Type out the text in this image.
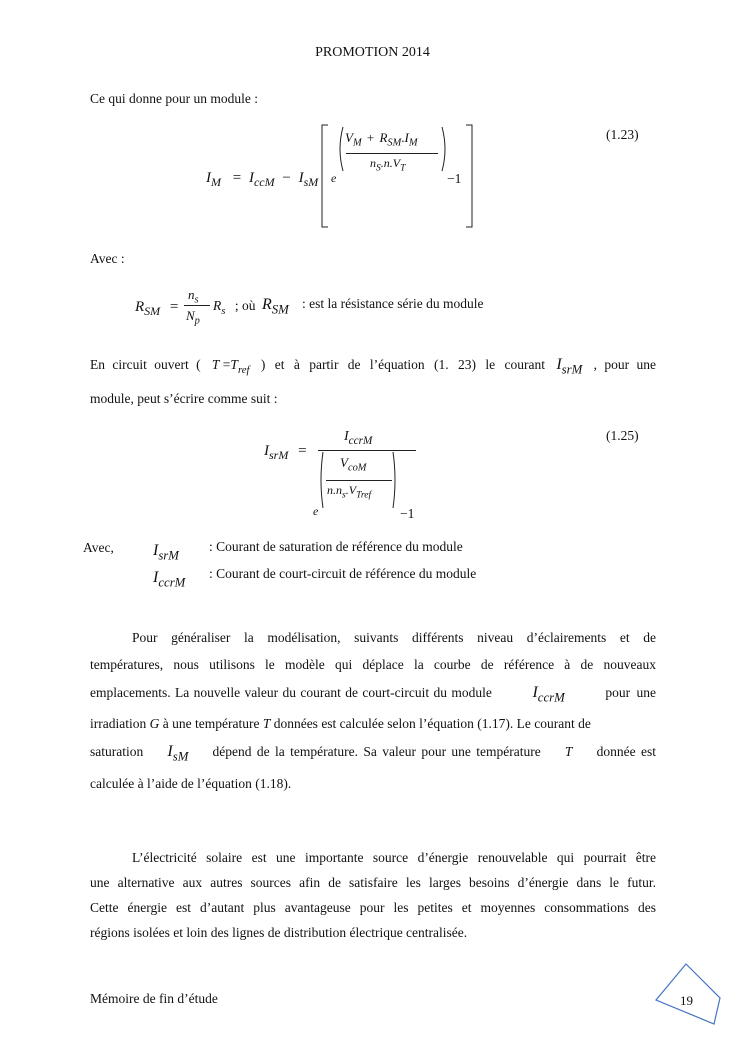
PROMOTION 2014
Ce qui donne pour un module :
(1.23)
$I_M = I_{ccM} - I_{sM}$ e
$V_M + R_{SM}.I_M$
$n_S.n.V_T$
−1
Avec :
$R_{SM}$ =
$n_s$
$N_p$
$R_s$ ; où $R_{SM}$ : est la résistance série du module
En circuit ouvert ( $T =T_{ref}$ ) et à partir de l’équation (1. 23) le courant $I_{srM}$ , pour une
module, peut s’écrire comme suit :
(1.25)
$I_{srM}$ =
$I_{ccrM}$
$V_{coM}$
$n.n_s.V_{Tref}$
e	−1
Avec, $I_{srM}$
: Courant de saturation de référence du module
$I_{ccrM}$
: Courant de court-circuit de référence du module
Pour généraliser la modélisation, suivants différents niveau d’éclairements et de
températures, nous utilisons le modèle qui déplace la courbe de référence à de nouveaux
emplacements. La nouvelle valeur du courant de court-circuit du module	$I_{ccrM}$	pour une
irradiation G à une température T données est calculée selon l’équation (1.17). Le courant de
saturation $I_{sM}$ dépend de la température. Sa valeur pour une température T donnée est
calculée à l’aide de l’équation (1.18).
L’électricité solaire est une importante source d’énergie renouvelable qui pourrait être
une alternative aux autres sources afin de satisfaire les larges besoins d’énergie dans le futur.
Cette énergie est d’autant plus avantageuse pour les petites et moyennes consommations des
régions isolées et loin des lignes de distribution électrique centralisée.
Mémoire de fin d’étude	19
